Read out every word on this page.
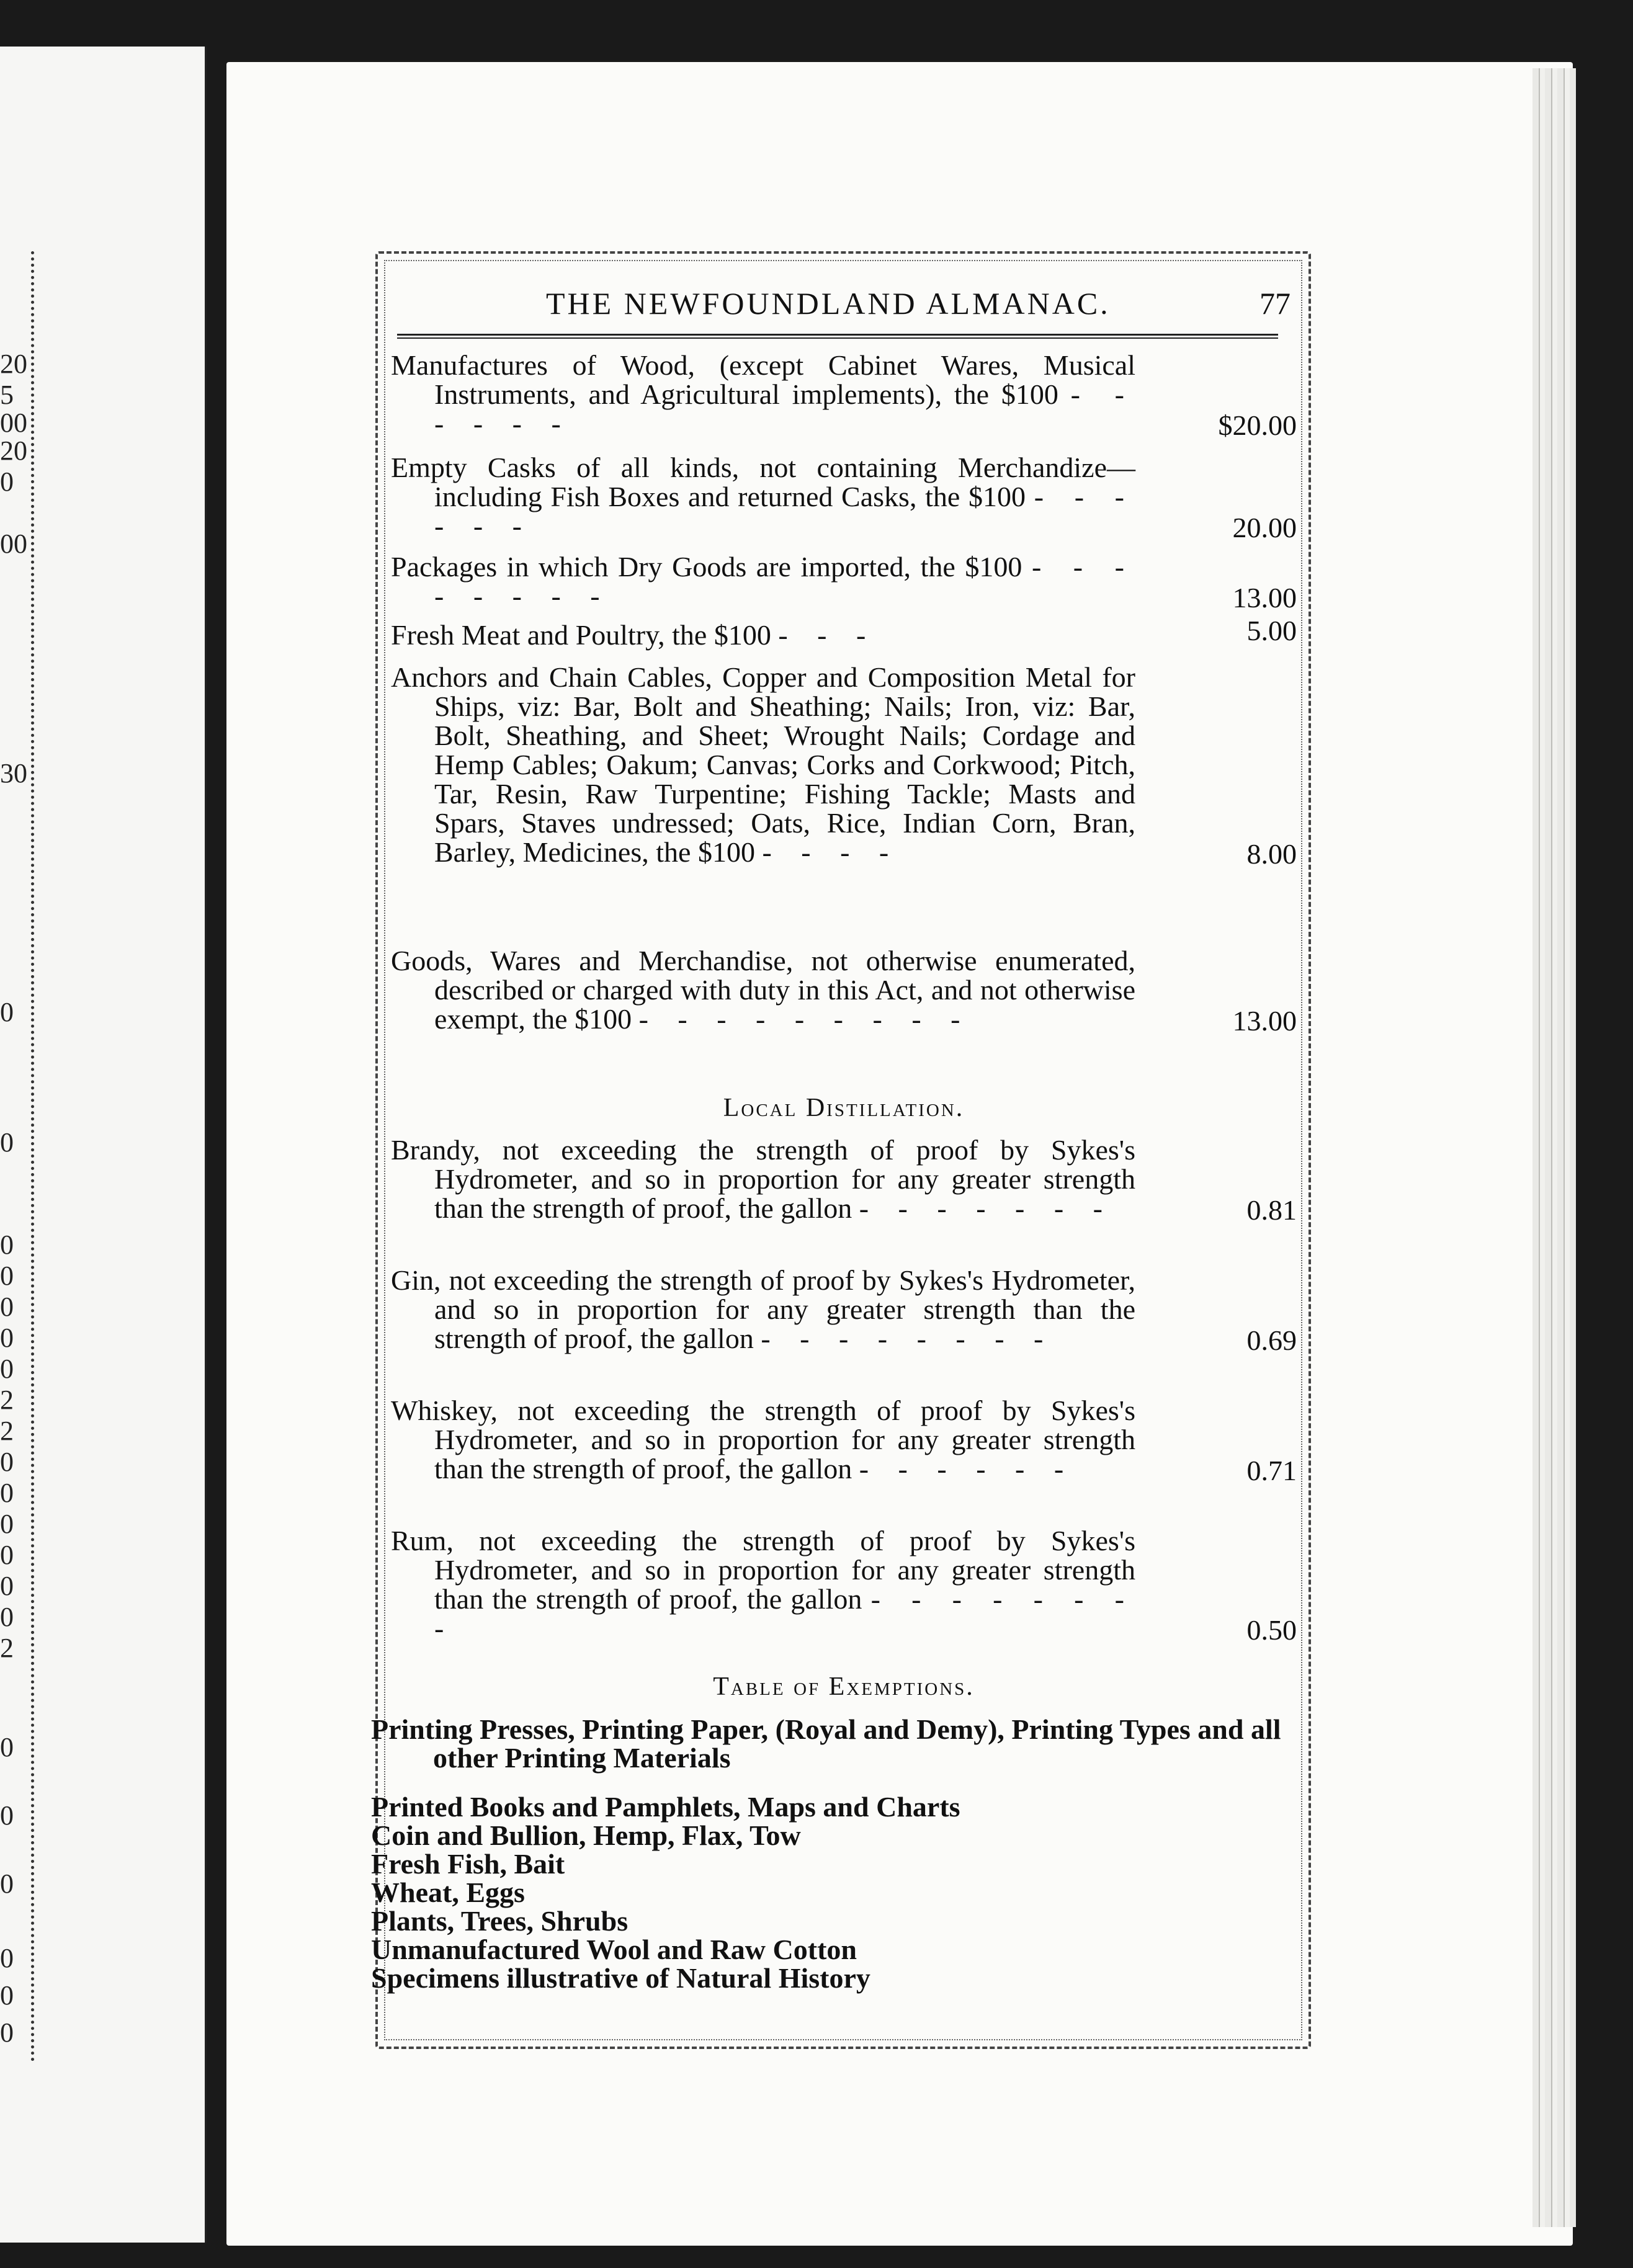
20
5
00
20
0
00
30
0
0
0
0
0
0
0
2
2
0
0
0
0
0
0
2
0
0
0
0
0
0
THE NEWFOUNDLAND ALMANAC.	77
Manufactures of Wood, (except Cabinet Wares, Musical Instruments, and Agricultural implements), the $100 - - - - - -	$20.00
Empty Casks of all kinds, not containing Merchandize—including Fish Boxes and returned Casks, the $100 - - - - - -	20.00
Packages in which Dry Goods are imported, the $100 - - - - - - - -	13.00
Fresh Meat and Poultry, the $100 - - -	5.00
Anchors and Chain Cables, Copper and Composition Metal for Ships, viz: Bar, Bolt and Sheathing; Nails; Iron, viz: Bar, Bolt, Sheathing, and Sheet; Wrought Nails; Cordage and Hemp Cables; Oakum; Canvas; Corks and Corkwood; Pitch, Tar, Resin, Raw Turpentine; Fishing Tackle; Masts and Spars, Staves undressed; Oats, Rice, Indian Corn, Bran, Barley, Medicines, the $100 - - - -	8.00
Goods, Wares and Merchandise, not otherwise enumerated, described or charged with duty in this Act, and not otherwise exempt, the $100 - - - - - - - - -	13.00
Local Distillation.
Brandy, not exceeding the strength of proof by Sykes's Hydrometer, and so in proportion for any greater strength than the strength of proof, the gallon - - - - - - -	0.81
Gin, not exceeding the strength of proof by Sykes's Hydrometer, and so in proportion for any greater strength than the strength of proof, the gallon - - - - - - - -	0.69
Whiskey, not exceeding the strength of proof by Sykes's Hydrometer, and so in proportion for any greater strength than the strength of proof, the gallon - - - - - -	0.71
Rum, not exceeding the strength of proof by Sykes's Hydrometer, and so in proportion for any greater strength than the strength of proof, the gallon - - - - - - - -	0.50
Table of Exemptions.
Printing Presses, Printing Paper, (Royal and Demy), Printing Types and all other Printing Materials
Printed Books and Pamphlets, Maps and Charts
Coin and Bullion, Hemp, Flax, Tow
Fresh Fish, Bait
Wheat, Eggs
Plants, Trees, Shrubs
Unmanufactured Wool and Raw Cotton
Specimens illustrative of Natural History
